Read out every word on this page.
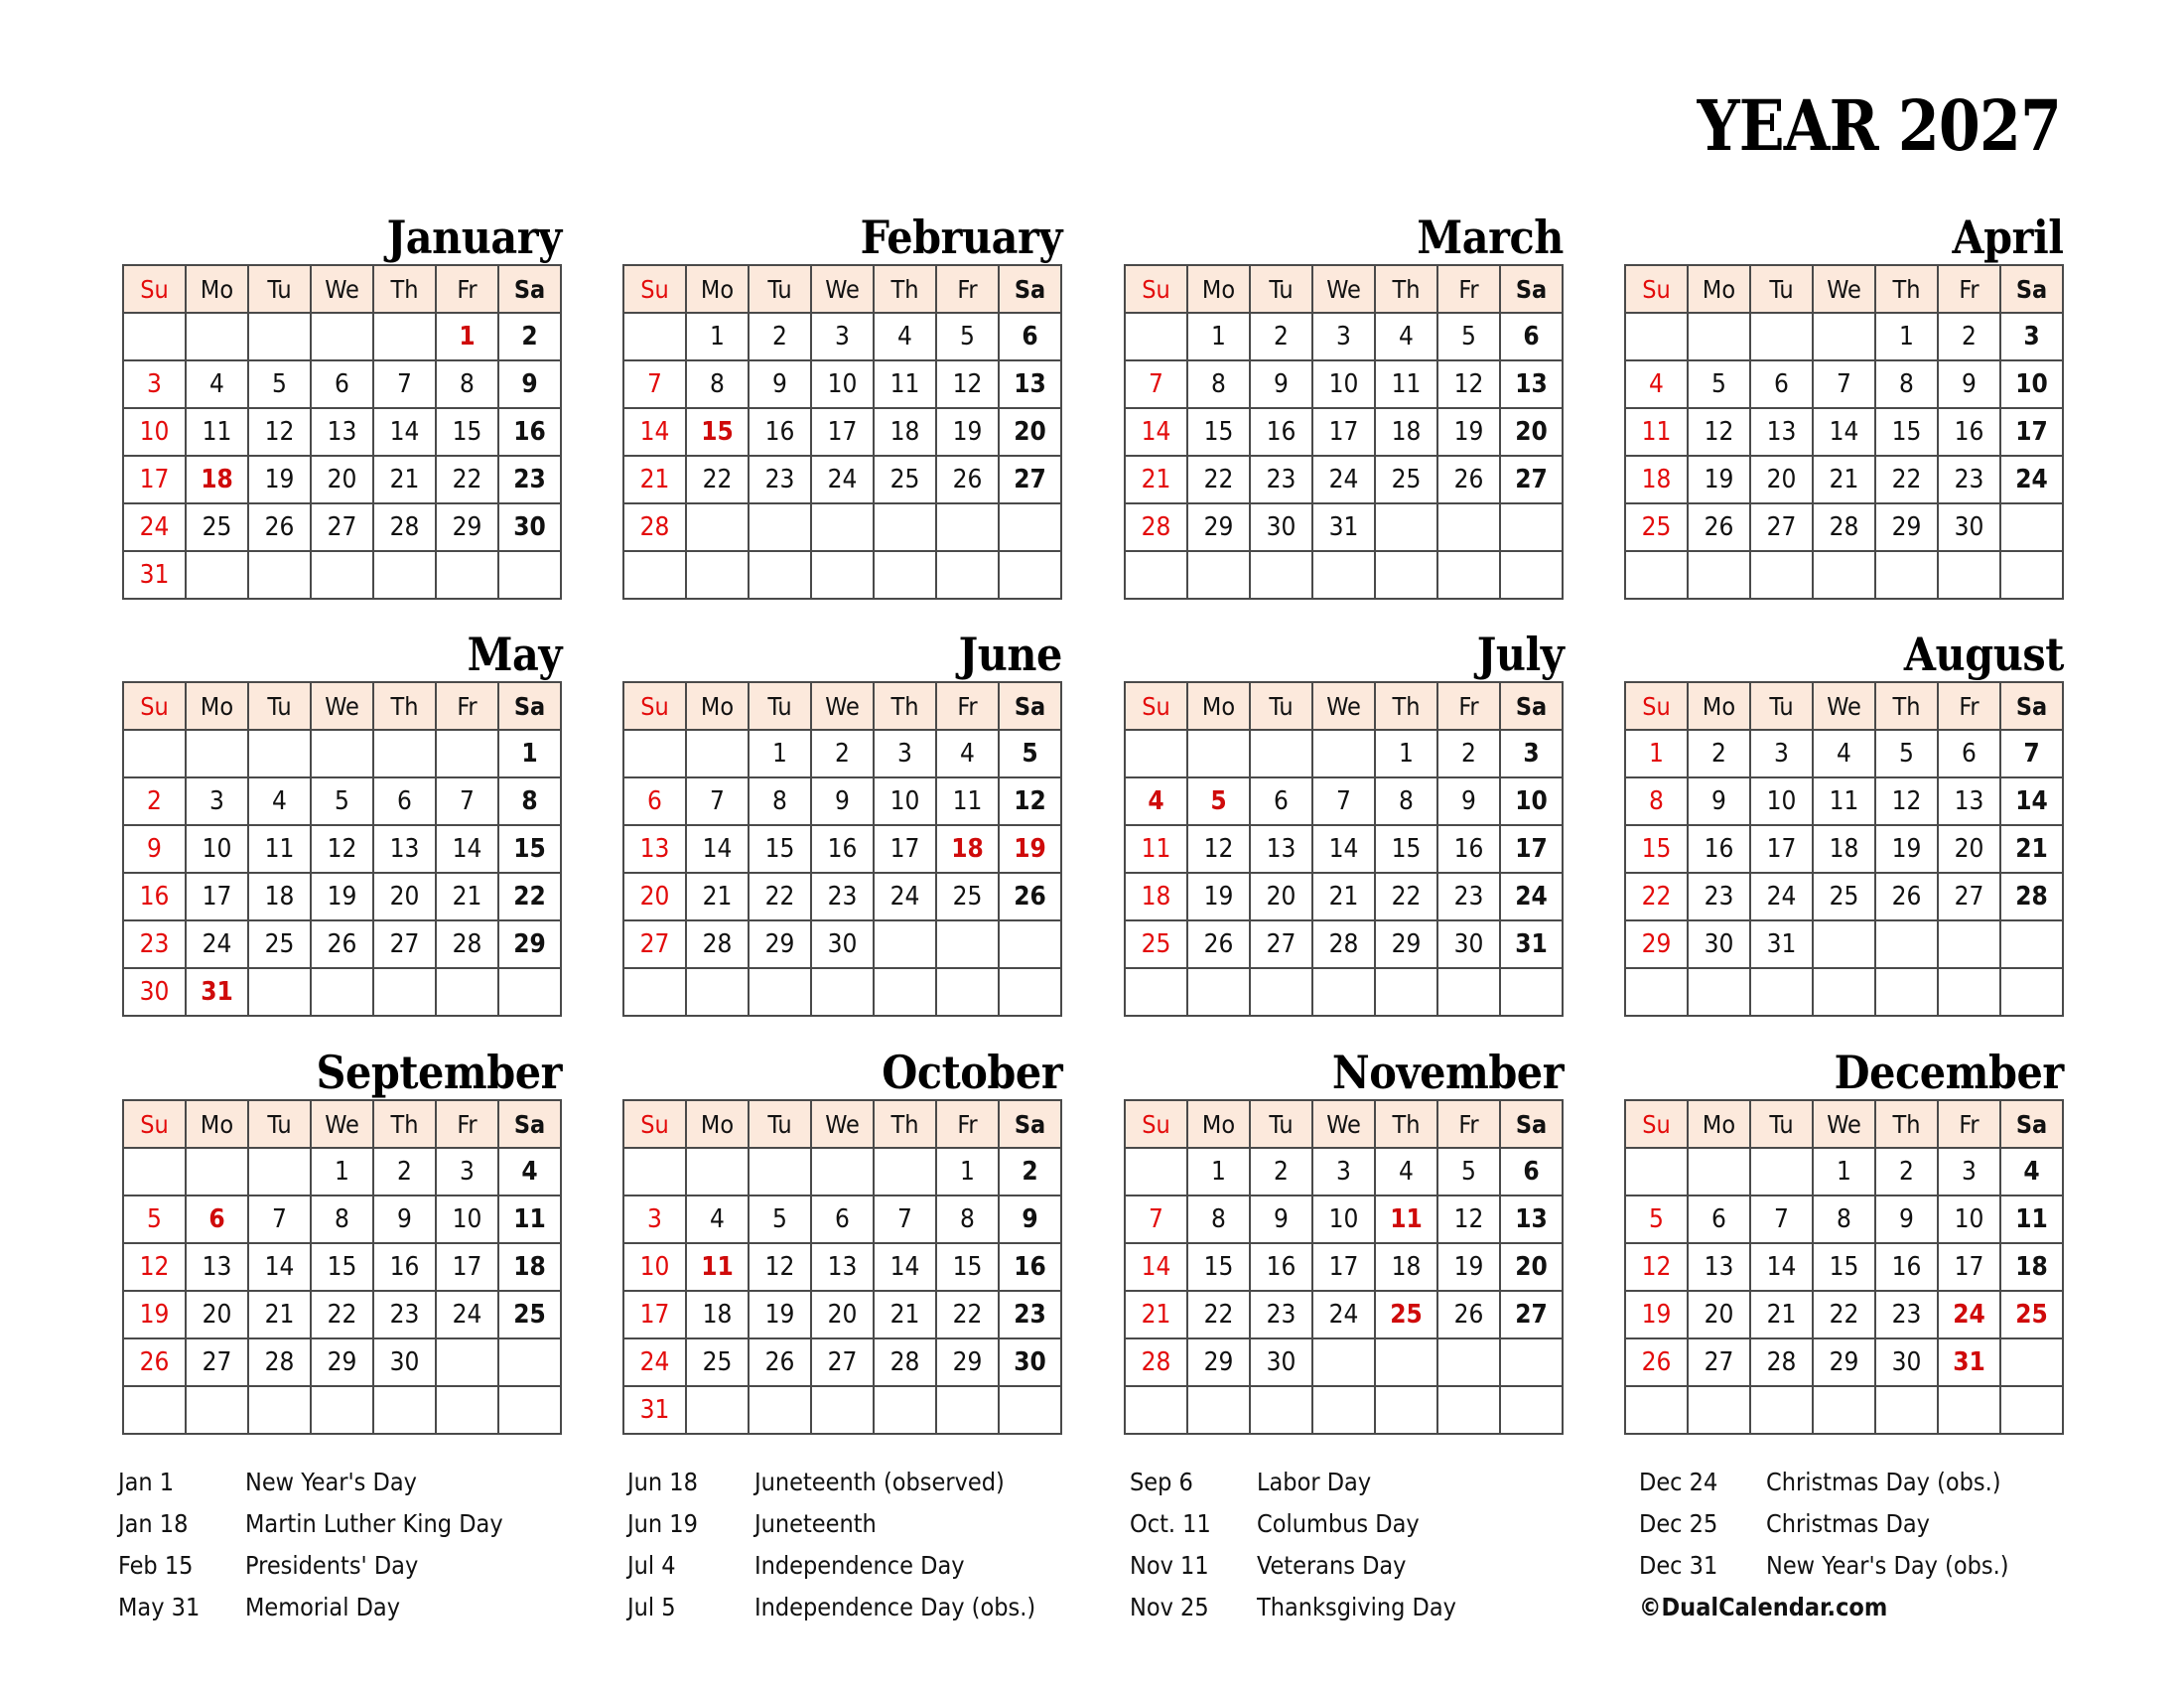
YEAR 2027
January
Su	Mo	Tu	We	Th	Fr	Sa
					1	2
3	4	5	6	7	8	9
10	11	12	13	14	15	16
17	18	19	20	21	22	23
24	25	26	27	28	29	30
31						
February
Su	Mo	Tu	We	Th	Fr	Sa
	1	2	3	4	5	6
7	8	9	10	11	12	13
14	15	16	17	18	19	20
21	22	23	24	25	26	27
28						

March
Su	Mo	Tu	We	Th	Fr	Sa
	1	2	3	4	5	6
7	8	9	10	11	12	13
14	15	16	17	18	19	20
21	22	23	24	25	26	27
28	29	30	31			

April
Su	Mo	Tu	We	Th	Fr	Sa
				1	2	3
4	5	6	7	8	9	10
11	12	13	14	15	16	17
18	19	20	21	22	23	24
25	26	27	28	29	30	

May
Su	Mo	Tu	We	Th	Fr	Sa
						1
2	3	4	5	6	7	8
9	10	11	12	13	14	15
16	17	18	19	20	21	22
23	24	25	26	27	28	29
30	31					
June
Su	Mo	Tu	We	Th	Fr	Sa
		1	2	3	4	5
6	7	8	9	10	11	12
13	14	15	16	17	18	19
20	21	22	23	24	25	26
27	28	29	30			

July
Su	Mo	Tu	We	Th	Fr	Sa
				1	2	3
4	5	6	7	8	9	10
11	12	13	14	15	16	17
18	19	20	21	22	23	24
25	26	27	28	29	30	31

August
Su	Mo	Tu	We	Th	Fr	Sa
1	2	3	4	5	6	7
8	9	10	11	12	13	14
15	16	17	18	19	20	21
22	23	24	25	26	27	28
29	30	31				

September
Su	Mo	Tu	We	Th	Fr	Sa
			1	2	3	4
5	6	7	8	9	10	11
12	13	14	15	16	17	18
19	20	21	22	23	24	25
26	27	28	29	30		

October
Su	Mo	Tu	We	Th	Fr	Sa
					1	2
3	4	5	6	7	8	9
10	11	12	13	14	15	16
17	18	19	20	21	22	23
24	25	26	27	28	29	30
31						
November
Su	Mo	Tu	We	Th	Fr	Sa
	1	2	3	4	5	6
7	8	9	10	11	12	13
14	15	16	17	18	19	20
21	22	23	24	25	26	27
28	29	30				

December
Su	Mo	Tu	We	Th	Fr	Sa
			1	2	3	4
5	6	7	8	9	10	11
12	13	14	15	16	17	18
19	20	21	22	23	24	25
26	27	28	29	30	31	

Jan 1	New Year's Day
Jan 18 Martin Luther King Day
Feb 15 Presidents' Day
May 31 Memorial Day
Jun 18 Juneteenth (observed)
Jun 19 Juneteenth
Jul 4	Independence Day
Jul 5	Independence Day (obs.)
Sep 6	Labor Day
Oct. 11 Columbus Day
Nov 11 Veterans Day
Nov 25 Thanksgiving Day
Dec 24 Christmas Day (obs.)
Dec 25 Christmas Day
Dec 31 New Year's Day (obs.)
©DualCalendar.com
